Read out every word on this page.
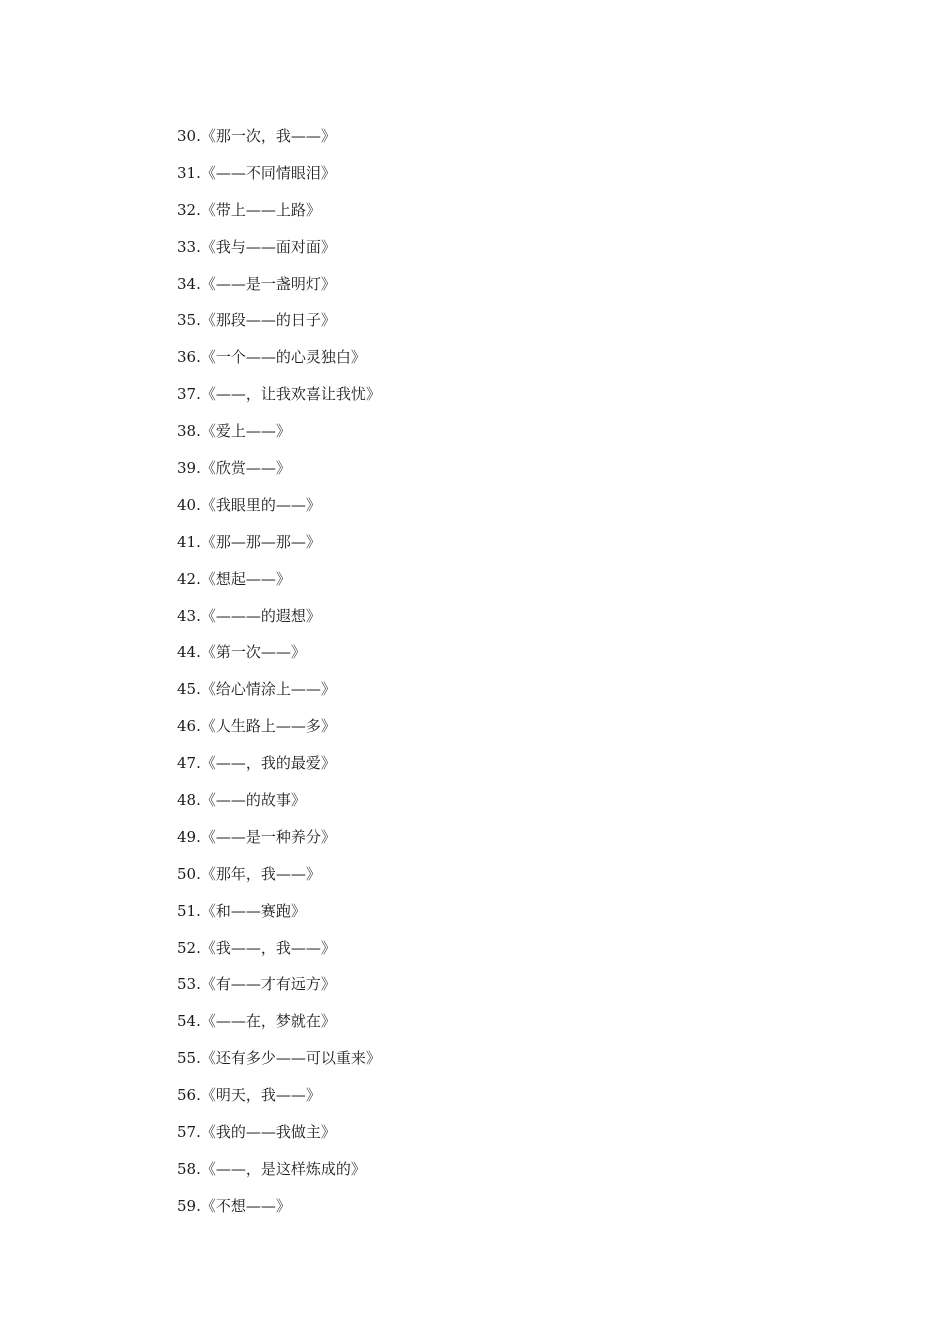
30.《那一次，我——》
31.《——不同情眼泪》
32.《带上——上路》
33.《我与——面对面》
34.《——是一盏明灯》
35.《那段——的日子》
36.《一个——的心灵独白》
37.《——，让我欢喜让我忧》
38.《爱上——》
39.《欣赏——》
40.《我眼里的——》
41.《那—那—那—》
42.《想起——》
43.《———的遐想》
44.《第一次——》
45.《给心情涂上——》
46.《人生路上——多》
47.《——，我的最爱》
48.《——的故事》
49.《——是一种养分》
50.《那年，我——》
51.《和——赛跑》
52.《我——，我——》
53.《有——才有远方》
54.《——在，梦就在》
55.《还有多少——可以重来》
56.《明天，我——》
57.《我的——我做主》
58.《——，是这样炼成的》
59.《不想——》
